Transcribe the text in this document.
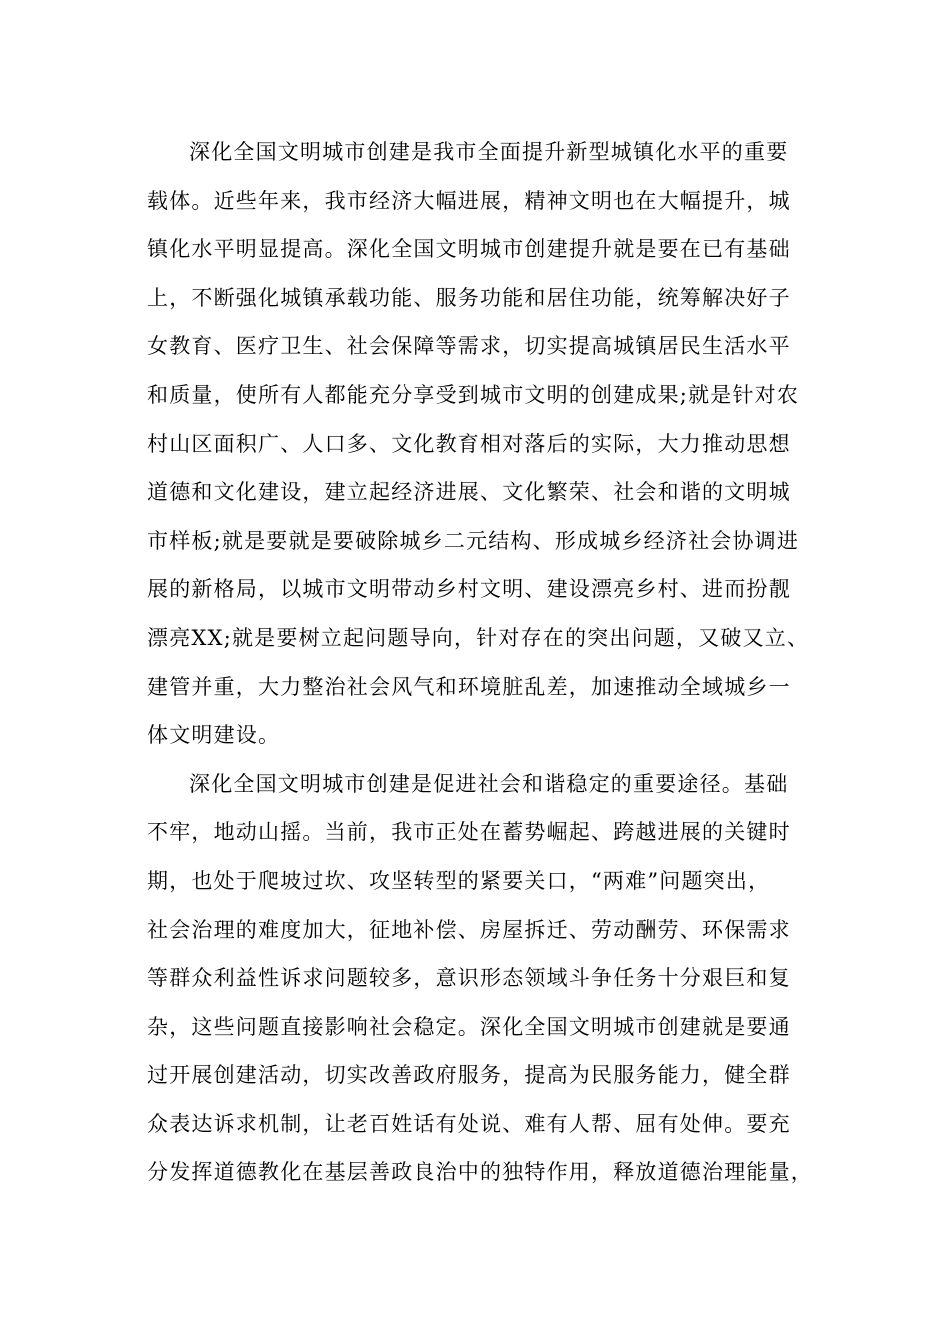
深化全国文明城市创建是我市全面提升新型城镇化水平的重要
载体。近些年来，我市经济大幅进展，精神文明也在大幅提升，城
镇化水平明显提高。深化全国文明城市创建提升就是要在已有基础
上，不断强化城镇承载功能、服务功能和居住功能，统筹解决好子
女教育、医疗卫生、社会保障等需求，切实提高城镇居民生活水平
和质量，使所有人都能充分享受到城市文明的创建成果;就是针对农
村山区面积广、人口多、文化教育相对落后的实际，大力推动思想
道德和文化建设，建立起经济进展、文化繁荣、社会和谐的文明城
市样板;就是要就是要破除城乡二元结构、形成城乡经济社会协调进
展的新格局，以城市文明带动乡村文明、建设漂亮乡村、进而扮靓
漂亮XX;就是要树立起问题导向，针对存在的突出问题，又破又立、
建管并重，大力整治社会风气和环境脏乱差，加速推动全域城乡一
体文明建设。
深化全国文明城市创建是促进社会和谐稳定的重要途径。基础
不牢，地动山摇。当前，我市正处在蓄势崛起、跨越进展的关键时
期，也处于爬坡过坎、攻坚转型的紧要关口，“两难”问题突出，
社会治理的难度加大，征地补偿、房屋拆迁、劳动酬劳、环保需求
等群众利益性诉求问题较多，意识形态领域斗争任务十分艰巨和复
杂，这些问题直接影响社会稳定。深化全国文明城市创建就是要通
过开展创建活动，切实改善政府服务，提高为民服务能力，健全群
众表达诉求机制，让老百姓话有处说、难有人帮、屈有处伸。要充
分发挥道德教化在基层善政良治中的独特作用，释放道德治理能量，
